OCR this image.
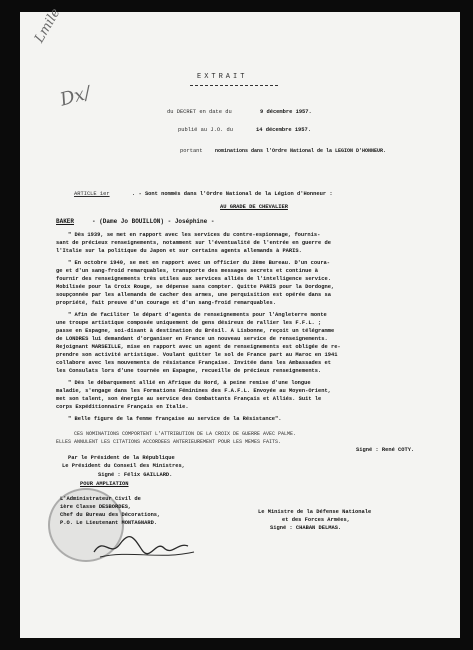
Lmile
Dx/
EXTRAIT
du DECRET en date du	9 décembre 1957.
publié au J.O. du	14 décembre 1957.
portant nominations dans l'Ordre National de la LEGION D'HONNEUR.
ARTICLE 1er	. - Sont nommés dans l'Ordre National de la Légion d'Honneur :
AU GRADE DE CHEVALIER
BAKER	- (Dame Jo BOUILLON) - Joséphine -
" Dès 1939, se met en rapport avec les services du contre-espionnage, fournis-
sant de précieux renseignements, notamment sur l'éventualité de l'entrée en guerre de
l'Italie sur la politique du Japon et sur certains agents allemands à PARIS.
" En octobre 1940, se met en rapport avec un officier du 2ème Bureau. D'un coura-
ge et d'un sang-froid remarquables, transporte des messages secrets et continue à
fournir des renseignements très utiles aux services alliés de l'intelligence service.
Mobilisée pour la Croix Rouge, se dépense sans compter. Quitte PARIS pour la Dordogne,
soupçonnée par les allemands de cacher des armes, une perquisition est opérée dans sa
propriété, fait preuve d'un courage et d'un sang-froid remarquables.
" Afin de faciliter le départ d'agents de renseignements pour l'Angleterre monte
une troupe artistique composée uniquement de gens désireux de rallier les F.F.L. ;
passe en Espagne, soi-disant à destination du Brésil. A Lisbonne, reçoit un télégramme
de LONDRES lui demandant d'organiser en France un nouveau service de renseignements.
Rejoignant MARSEILLE, mise en rapport avec un agent de renseignements est obligée de re-
prendre son activité artistique. Voulant quitter le sol de France part au Maroc en 1941
collabore avec les mouvements de résistance Française. Invitée dans les Ambassades et
les Consulats lors d'une tournée en Espagne, recueille de précieux renseignements.
" Dès le débarquement allié en Afrique du Nord, à peine remise d'une longue
maladie, s'engage dans les Formations Féminines des F.A.F.L. Envoyée au Moyen-Orient,
met son talent, son énergie au service des Combattants Français et Alliés. Suit le
corps Expéditionnaire Français en Italie.
" Belle figure de la femme française au service de la Résistance".
CES NOMINATIONS COMPORTENT L'ATTRIBUTION DE LA CROIX DE GUERRE AVEC PALME.
ELLES ANNULENT LES CITATIONS ACCORDEES ANTERIEUREMENT POUR LES MEMES FAITS.
Signé : René COTY.
Par le Président de la République
Le Président du Conseil des Ministres,
Signé : Félix GAILLARD.
POUR AMPLIATION
L'Administrateur Civil de
1ère Classe DESBORDES,
Chef du Bureau des Décorations,
P.O. Le Lieutenant MONTAGNARD.
Le Ministre de la Défense Nationale
et des Forces Armées,
Signé : CHABAN DELMAS.
